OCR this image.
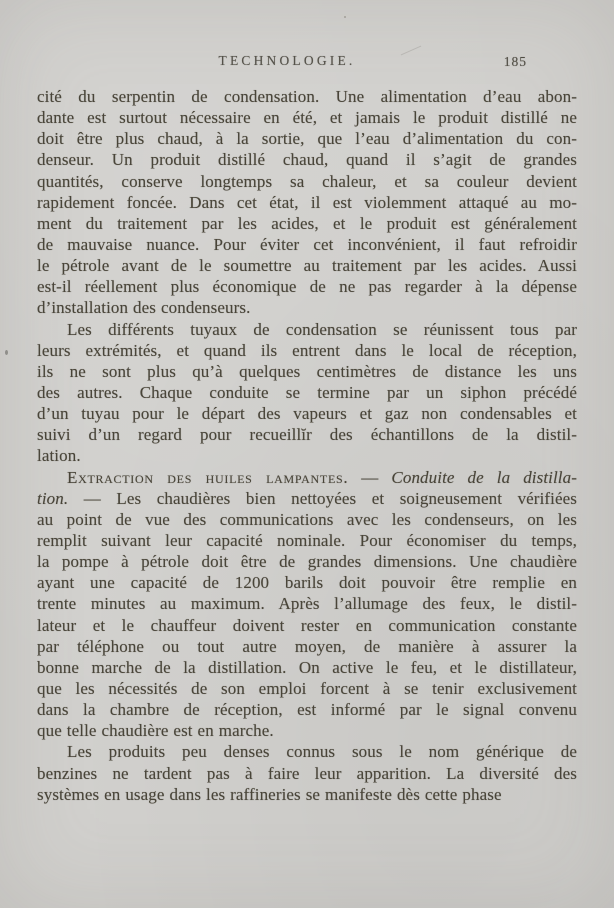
TECHNOLOGIE.	185
cité du serpentin de condensation. Une alimentation d’eau abon-
dante est surtout nécessaire en été, et jamais le produit distillé ne
doit être plus chaud, à la sortie, que l’eau d’alimentation du con-
denseur. Un produit distillé chaud, quand il s’agit de grandes
quantités, conserve longtemps sa chaleur, et sa couleur devient
rapidement foncée. Dans cet état, il est violemment attaqué au mo-
ment du traitement par les acides, et le produit est généralement
de mauvaise nuance. Pour éviter cet inconvénient, il faut refroidir
le pétrole avant de le soumettre au traitement par les acides. Aussi
est-il réellement plus économique de ne pas regarder à la dépense
d’installation des condenseurs.
Les différents tuyaux de condensation se réunissent tous par
leurs extrémités, et quand ils entrent dans le local de réception,
ils ne sont plus qu’à quelques centimètres de distance les uns
des autres. Chaque conduite se termine par un siphon précédé
d’un tuyau pour le départ des vapeurs et gaz non condensables et
suivi d’un regard pour recueillĭr des échantillons de la distil-
lation.
Extraction des huiles lampantes. — Conduite de la distilla-
tion. — Les chaudières bien nettoyées et soigneusement vérifiées
au point de vue des communications avec les condenseurs, on les
remplit suivant leur capacité nominale. Pour économiser du temps,
la pompe à pétrole doit être de grandes dimensions. Une chaudière
ayant une capacité de 1200 barils doit pouvoir être remplie en
trente minutes au maximum. Après l’allumage des feux, le distil-
lateur et le chauffeur doivent rester en communication constante
par téléphone ou tout autre moyen, de manière à assurer la
bonne marche de la distillation. On active le feu, et le distillateur,
que les nécessités de son emploi forcent à se tenir exclusivement
dans la chambre de réception, est informé par le signal convenu
que telle chaudière est en marche.
Les produits peu denses connus sous le nom générique de
benzines ne tardent pas à faire leur apparition. La diversité des
systèmes en usage dans les raffineries se manifeste dès cette phase
